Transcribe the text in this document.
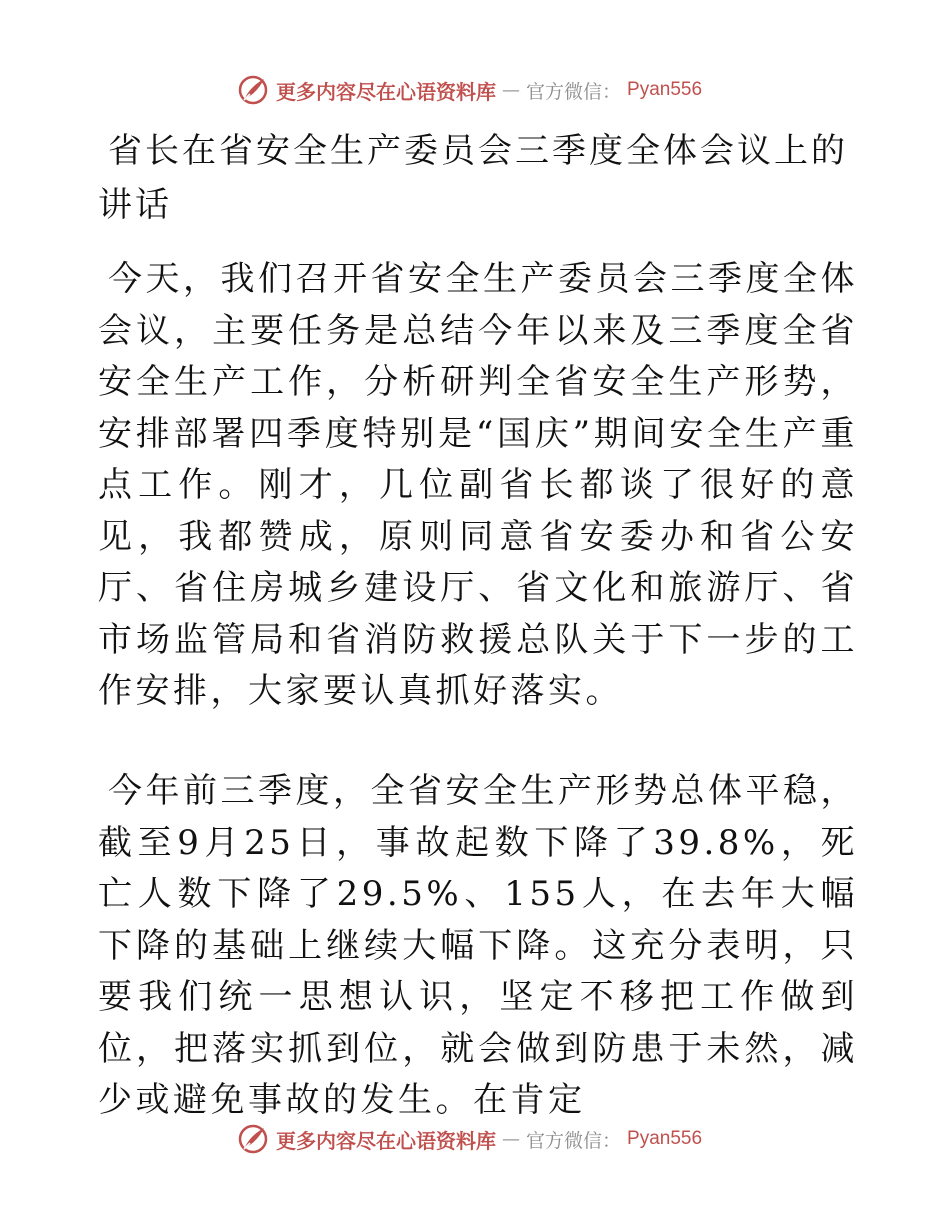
更多内容尽在心语资料库 — 官方微信： Pyan556
省长在省安全生产委员会三季度全体会议上的讲话
今天，我们召开省安全生产委员会三季度全体会议，主要任务是总结今年以来及三季度全省安全生产工作，分析研判全省安全生产形势，安排部署四季度特别是“国庆”期间安全生产重点工作。刚才，几位副省长都谈了很好的意见，我都赞成，原则同意省安委办和省公安厅、省住房城乡建设厅、省文化和旅游厅、省市场监管局和省消防救援总队关于下一步的工作安排，大家要认真抓好落实。
今年前三季度，全省安全生产形势总体平稳，截至9月25日，事故起数下降了39.8%，死亡人数下降了29.5%、155人，在去年大幅下降的基础上继续大幅下降。这充分表明，只要我们统一思想认识，坚定不移把工作做到位，把落实抓到位，就会做到防患于未然，减少或避免事故的发生。在肯定
更多内容尽在心语资料库 — 官方微信： Pyan556
